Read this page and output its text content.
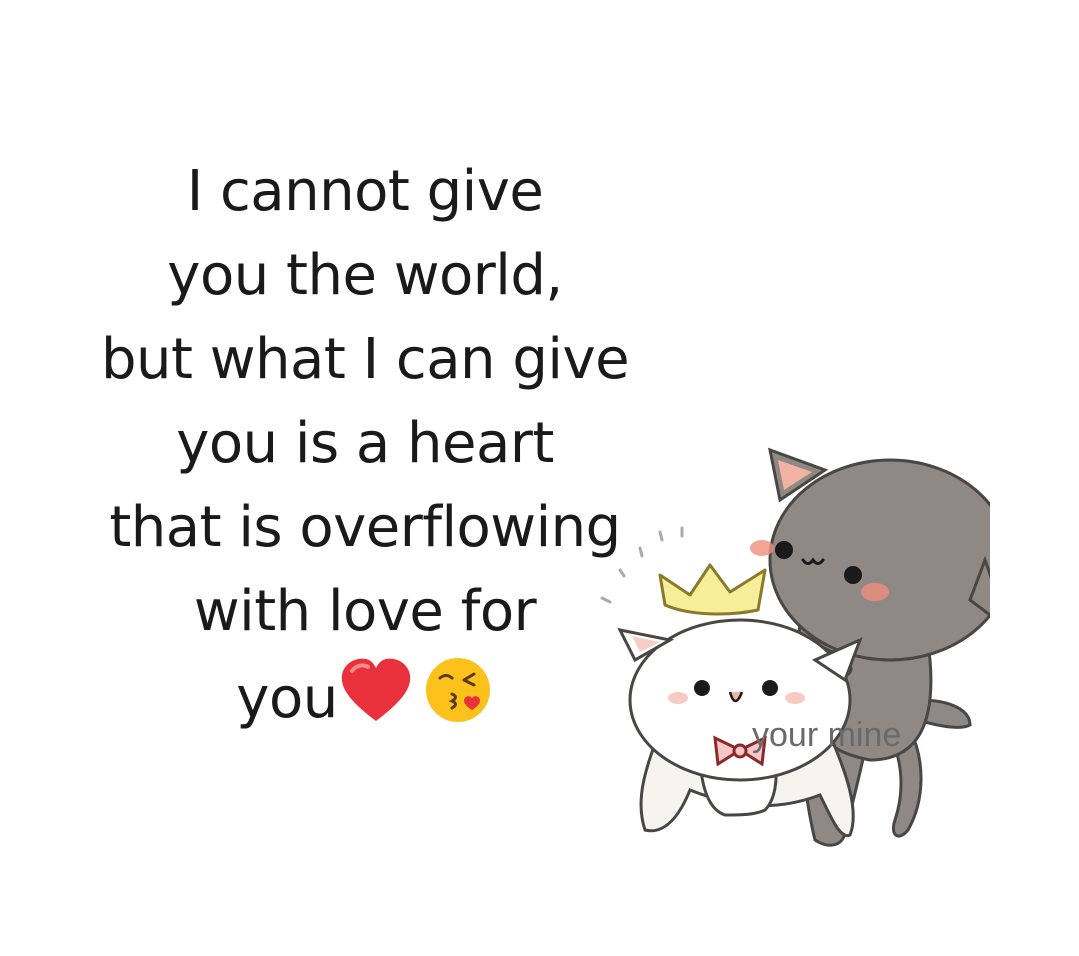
I cannot give
you the world,
but what I can give
you is a heart
that is overflowing
with love for
you
your mine
